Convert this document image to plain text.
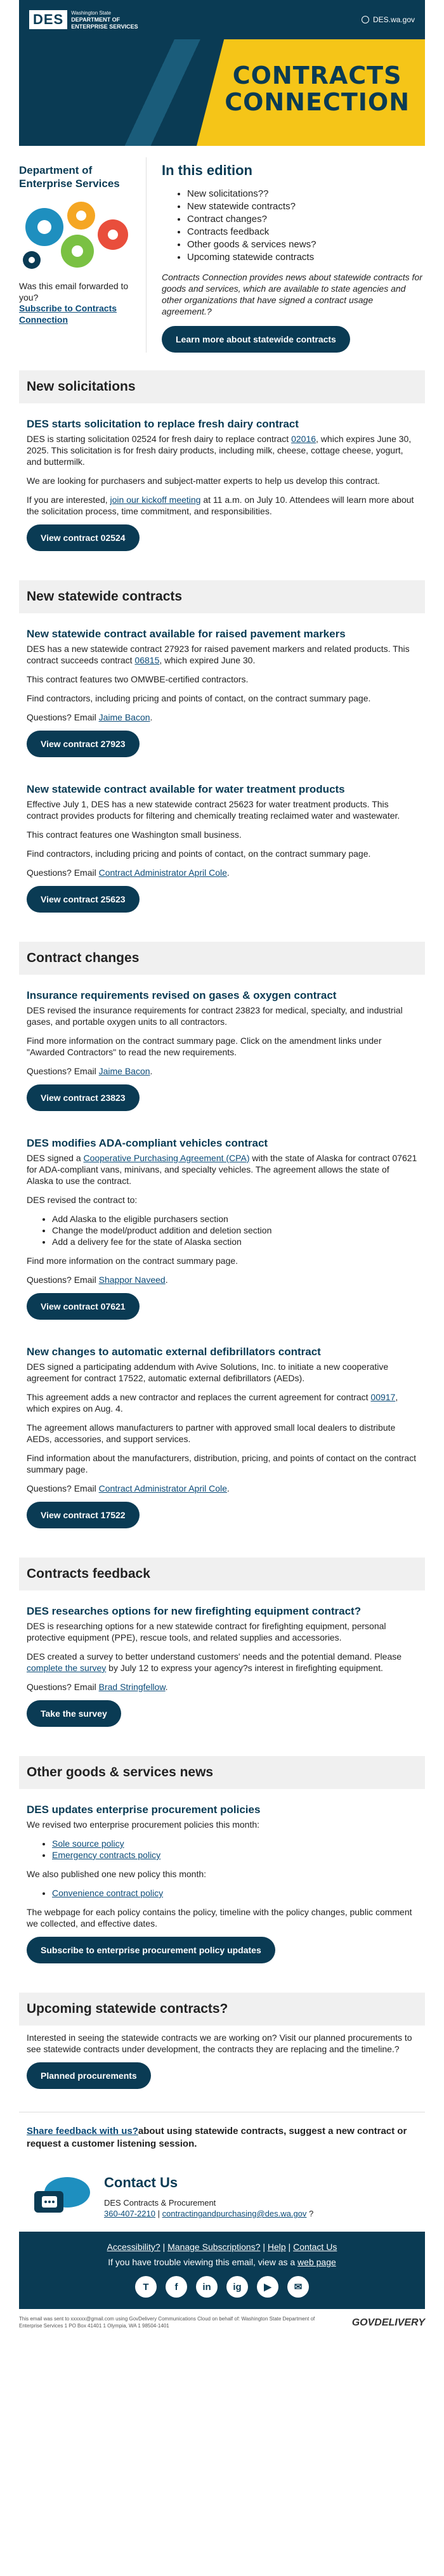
DES	Washington State
DEPARTMENT OF
ENTERPRISE SERVICES
DES.wa.gov
CONTRACTS
CONNECTION
Department of Enterprise Services

Was this email forwarded to you?

Subscribe to Contracts Connection
In this edition
• New solicitations??
• New statewide contracts?
• Contract changes?
• Contracts feedback
• Other goods & services news?
• Upcoming statewide contracts

Contracts Connection provides news about statewide contracts for goods and services, which are available to state agencies and other organizations that have signed a contract usage agreement.?

Learn more about statewide contracts
New solicitations
DES starts solicitation to replace fresh dairy contract

DES is starting solicitation 02524 for fresh dairy to replace contract 02016, which expires June 30, 2025. This solicitation is for fresh dairy products, including milk, cheese, cottage cheese, yogurt, and buttermilk.

We are looking for purchasers and subject-matter experts to help us develop this contract.

If you are interested, join our kickoff meeting at 11 a.m. on July 10. Attendees will learn more about the solicitation process, time commitment, and responsibilities.

View contract 02524
New statewide contracts
New statewide contract available for raised pavement markers

DES has a new statewide contract 27923 for raised pavement markers and related products. This contract succeeds contract 06815, which expired June 30.

This contract features two OMWBE-certified contractors.

Find contractors, including pricing and points of contact, on the contract summary page.

Questions? Email Jaime Bacon.

View contract 27923
New statewide contract available for water treatment products

Effective July 1, DES has a new statewide contract 25623 for water treatment products. This contract provides products for filtering and chemically treating reclaimed water and wastewater.

This contract features one Washington small business.

Find contractors, including pricing and points of contact, on the contract summary page.

Questions? Email Contract Administrator April Cole.

View contract 25623
Contract changes
Insurance requirements revised on gases & oxygen contract

DES revised the insurance requirements for contract 23823 for medical, specialty, and industrial gases, and portable oxygen units to all contractors.

Find more information on the contract summary page. Click on the amendment links under "Awarded Contractors" to read the new requirements.

Questions? Email Jaime Bacon.

View contract 23823
DES modifies ADA-compliant vehicles contract

DES signed a Cooperative Purchasing Agreement (CPA) with the state of Alaska for contract 07621 for ADA-compliant vans, minivans, and specialty vehicles. The agreement allows the state of Alaska to use the contract.

DES revised the contract to:

• Add Alaska to the eligible purchasers section
• Change the model/product addition and deletion section
• Add a delivery fee for the state of Alaska section

Find more information on the contract summary page.

Questions? Email Shappor Naveed.

View contract 07621
New changes to automatic external defibrillators contract

DES signed a participating addendum with Avive Solutions, Inc. to initiate a new cooperative agreement for contract 17522, automatic external defibrillators (AEDs).

This agreement adds a new contractor and replaces the current agreement for contract 00917, which expires on Aug. 4.

The agreement allows manufacturers to partner with approved small local dealers to distribute AEDs, accessories, and support services.

Find information about the manufacturers, distribution, pricing, and points of contact on the contract summary page.

Questions? Email Contract Administrator April Cole.

View contract 17522
Contracts feedback
DES researches options for new firefighting equipment contract?

DES is researching options for a new statewide contract for firefighting equipment, personal protective equipment (PPE), rescue tools, and related supplies and accessories.

DES created a survey to better understand customers' needs and the potential demand. Please complete the survey by July 12 to express your agency?s interest in firefighting equipment.

Questions? Email Brad Stringfellow.

Take the survey
Other goods & services news
DES updates enterprise procurement policies

We revised two enterprise procurement policies this month:

• Sole source policy
• Emergency contracts policy

We also published one new policy this month:

• Convenience contract policy

The webpage for each policy contains the policy, timeline with the policy changes, public comment we collected, and effective dates.

Subscribe to enterprise procurement policy updates
Upcoming statewide contracts?

Interested in seeing the statewide contracts we are working on? Visit our planned procurements to see statewide contracts under development, the contracts they are replacing and the timeline.?

Planned procurements
Share feedback with us?about using statewide contracts, suggest a new contract or request a customer listening session.
Contact Us

DES Contracts & Procurement

360-407-2210 | contractingandpurchasing@des.wa.gov ?

Accessibility? | Manage Subscriptions? | Help | Contact Us
If you have trouble viewing this email, view as a web page
T	f	in	ig	▶	✉
This email was sent to xxxxxx@gmail.com using GovDelivery Communications Cloud on behalf of: Washington State Department of
Enterprise Services 1 PO Box 41401 1 Olympia, WA 1 98504-1401	GOVDELIVERY
